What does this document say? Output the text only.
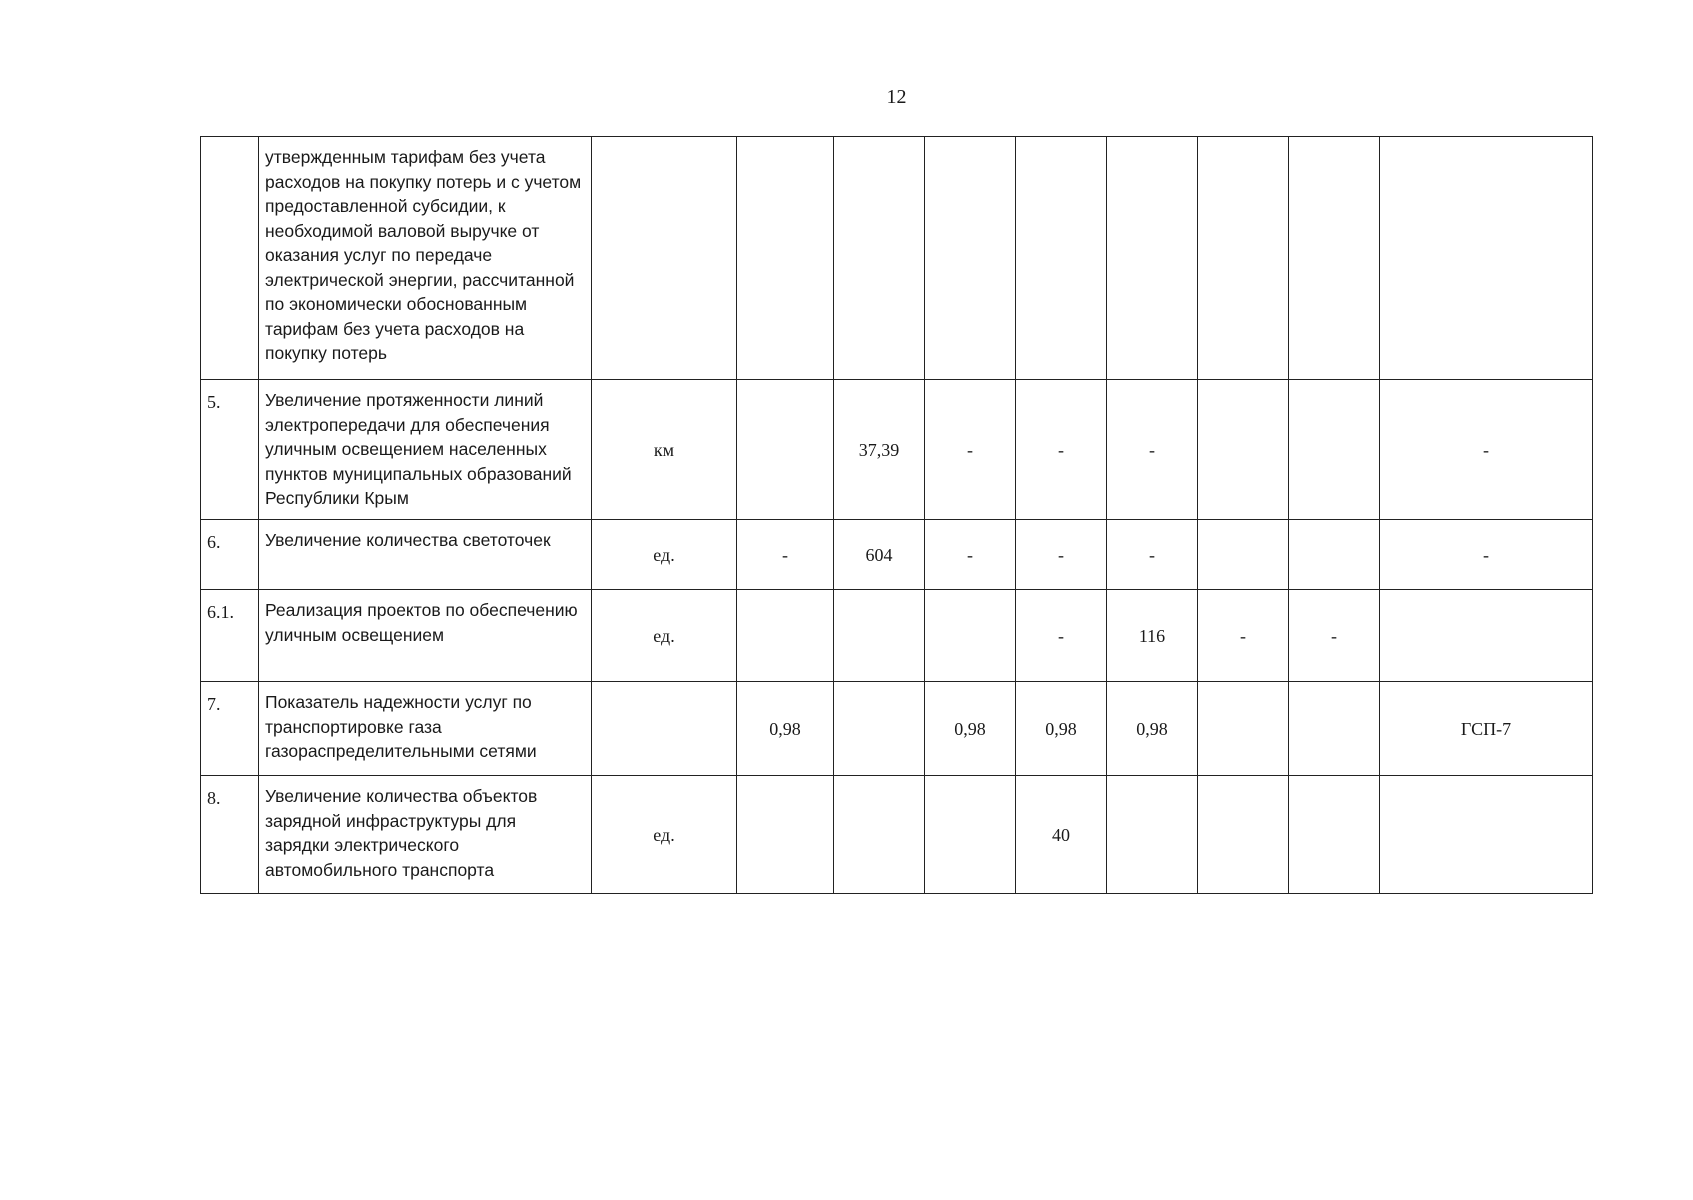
12
	утвержденным тарифам без учета расходов на покупку потерь и с учетом предоставленной субсидии, к необходимой валовой выручке от оказания услуг по передаче электрической энергии, рассчитанной по экономически обоснованным тарифам без учета расходов на покупку потерь									
5.	Увеличение протяженности линий электропередачи для обеспечения уличным освещением населенных пунктов муниципальных образований Республики Крым	км		37,39	-	-	-			-
6.	Увеличение количества светоточек	ед.	-	604	-	-	-			-
6.1.	Реализация проектов по обеспечению уличным освещением	ед.				-	116	-	-	
7.	Показатель надежности услуг по транспортировке газа газораспределительными сетями		0,98		0,98	0,98	0,98			ГСП-7
8.	Увеличение количества объектов зарядной инфраструктуры для зарядки электрического автомобильного транспорта	ед.				40				
